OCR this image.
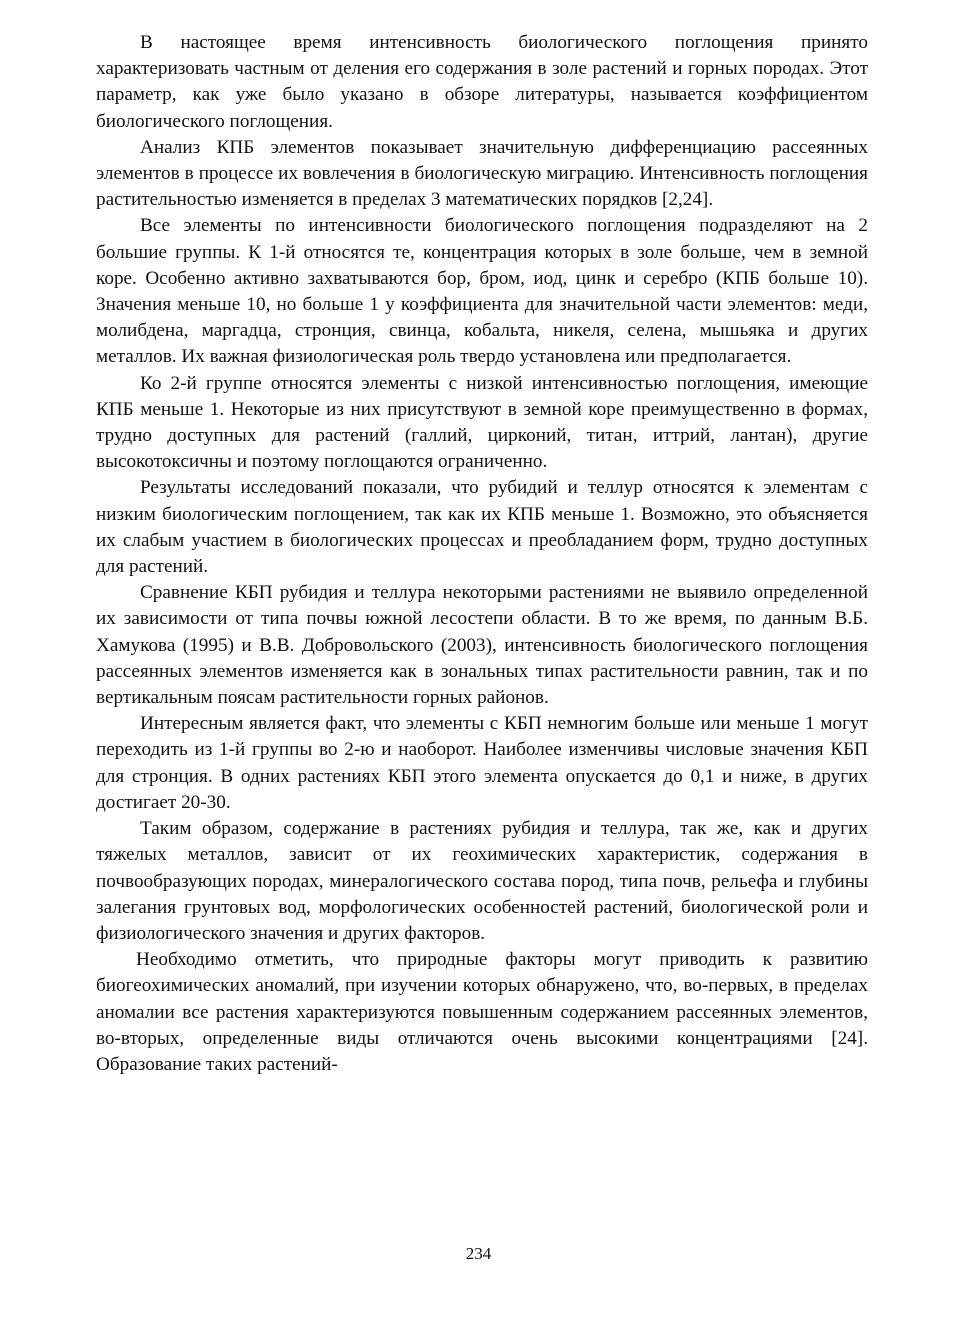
В настоящее время интенсивность биологического поглощения принято характеризовать частным от деления его содержания в золе растений и горных породах. Этот параметр, как уже было указано в обзоре литературы, называется коэффициентом биологического поглощения.

Анализ КПБ элементов показывает значительную дифференциацию рассеянных элементов в процессе их вовлечения в биологическую миграцию. Интенсивность поглощения растительностью изменяется в пределах 3 математических порядков [2,24].

Все элементы по интенсивности биологического поглощения подразделяют на 2 большие группы. К 1-й относятся те, концентрация которых в золе больше, чем в земной коре. Особенно активно захватываются бор, бром, иод, цинк и серебро (КПБ больше 10). Значения меньше 10, но больше 1 у коэффициента для значительной части элементов: меди, молибдена, маргадца, стронция, свинца, кобальта, никеля, селена, мышьяка и других металлов. Их важная физиологическая роль твердо установлена или предполагается.

Ко 2-й группе относятся элементы с низкой интенсивностью поглощения, имеющие КПБ меньше 1. Некоторые из них присутствуют в земной коре преимущественно в формах, трудно доступных для растений (галлий, цирконий, титан, иттрий, лантан), другие высокотоксичны и поэтому поглощаются ограниченно.

Результаты исследований показали, что рубидий и теллур относятся к элементам с низким биологическим поглощением, так как их КПБ меньше 1. Возможно, это объясняется их слабым участием в биологических процессах и преобладанием форм, трудно доступных для растений.

Сравнение КБП рубидия и теллура некоторыми растениями не выявило определенной их зависимости от типа почвы южной лесостепи области. В то же время, по данным В.Б. Хамукова (1995) и В.В. Добровольского (2003), интенсивность биологического поглощения рассеянных элементов изменяется как в зональных типах растительности равнин, так и по вертикальным поясам растительности горных районов.

Интересным является факт, что элементы с КБП немногим больше или меньше 1 могут переходить из 1-й группы во 2-ю и наоборот. Наиболее изменчивы числовые значения КБП для стронция. В одних растениях КБП этого элемента опускается до 0,1 и ниже, в других достигает 20-30.

Таким образом, содержание в растениях рубидия и теллура, так же, как и других тяжелых металлов, зависит от их геохимических характеристик, содержания в почвообразующих породах, минералогического состава пород, типа почв, рельефа и глубины залегания грунтовых вод, морфологических особенностей растений, биологической роли и физиологического значения и других факторов.

Необходимо отметить, что природные факторы могут приводить к развитию биогеохимических аномалий, при изучении которых обнаружено, что, во-первых, в пределах аномалии все растения характеризуются повышенным содержанием рассеянных элементов, во-вторых, определенные виды отличаются очень высокими концентрациями [24]. Образование таких растений-

234
